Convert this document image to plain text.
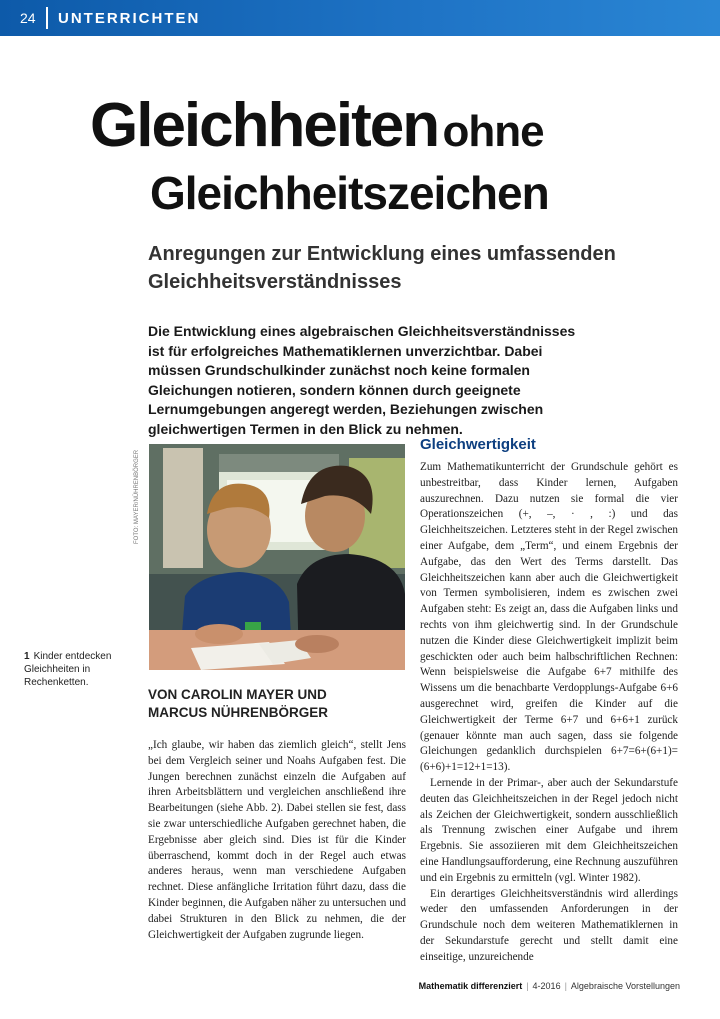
24	UNTERRICHTEN
Gleichheiten ohne
Gleichheitszeichen
Anregungen zur Entwicklung eines umfassenden Gleichheitsverständnisses
Die Entwicklung eines algebraischen Gleichheitsverständnisses ist für erfolgreiches Mathematiklernen unverzichtbar. Dabei müssen Grundschulkinder zunächst noch keine formalen Gleichungen notieren, sondern können durch geeignete Lernumgebungen angeregt werden, Beziehungen zwischen gleichwertigen Termen in den Blick zu nehmen.
FOTO: MAYER/NÜHRENBÖRGER
1 Kinder entdecken Gleichheiten in Rechenketten.
VON CAROLIN MAYER UND
MARCUS NÜHRENBÖRGER

„Ich glaube, wir haben das ziemlich gleich“, stellt Jens bei dem Vergleich seiner und Noahs Aufgaben fest. Die Jungen berechnen zunächst einzeln die Aufgaben auf ihren Arbeitsblättern und vergleichen anschließend ihre Bearbeitungen (siehe Abb. 2). Dabei stellen sie fest, dass sie zwar unterschiedliche Aufgaben gerechnet haben, die Ergebnisse aber gleich sind. Dies ist für die Kinder überraschend, kommt doch in der Regel auch etwas anderes heraus, wenn man verschiedene Aufgaben rechnet. Diese anfängliche Irritation führt dazu, dass die Kinder beginnen, die Aufgaben näher zu untersuchen und dabei Strukturen in den Blick zu nehmen, die der Gleichwertigkeit der Aufgaben zugrunde liegen.

Gleichwertigkeit

Zum Mathematikunterricht der Grundschule gehört es unbestreitbar, dass Kinder lernen, Aufgaben auszurechnen. Dazu nutzen sie formal die vier Operationszeichen (+, –, · , :) und das Gleichheitszeichen. Letzteres steht in der Regel zwischen einer Aufgabe, dem „Term“, und einem Ergebnis der Aufgabe, das den Wert des Terms darstellt. Das Gleichheitszeichen kann aber auch die Gleichwertigkeit von Termen symbolisieren, indem es zwischen zwei Aufgaben steht: Es zeigt an, dass die Aufgaben links und rechts von ihm gleichwertig sind. In der Grundschule nutzen die Kinder diese Gleichwertigkeit implizit beim geschickten oder auch beim halbschriftlichen Rechnen: Wenn beispielsweise die Aufgabe 6+7 mithilfe des Wissens um die benachbarte Verdopplungs-Aufgabe 6+6 ausgerechnet wird, greifen die Kinder auf die Gleichwertigkeit der Terme 6+7 und 6+6+1 zurück (genauer könnte man auch sagen, dass sie folgende Gleichungen gedanklich durchspielen 6+7=6+(6+1)=(6+6)+1=12+1=13).

Lernende in der Primar-, aber auch der Sekundarstufe deuten das Gleichheitszeichen in der Regel jedoch nicht als Zeichen der Gleichwertigkeit, sondern ausschließlich als Trennung zwischen einer Aufgabe und ihrem Ergebnis. Sie assoziieren mit dem Gleichheitszeichen eine Handlungsaufforderung, eine Rechnung auszuführen und ein Ergebnis zu ermitteln (vgl. Winter 1982).

Ein derartiges Gleichheitsverständnis wird allerdings weder den umfassenden Anforderungen in der Grundschule noch dem weiteren Mathematiklernen in der Sekundarstufe gerecht und stellt damit eine einseitige, unzureichende

Mathematik differenziert | 4-2016 | Algebraische Vorstellungen
